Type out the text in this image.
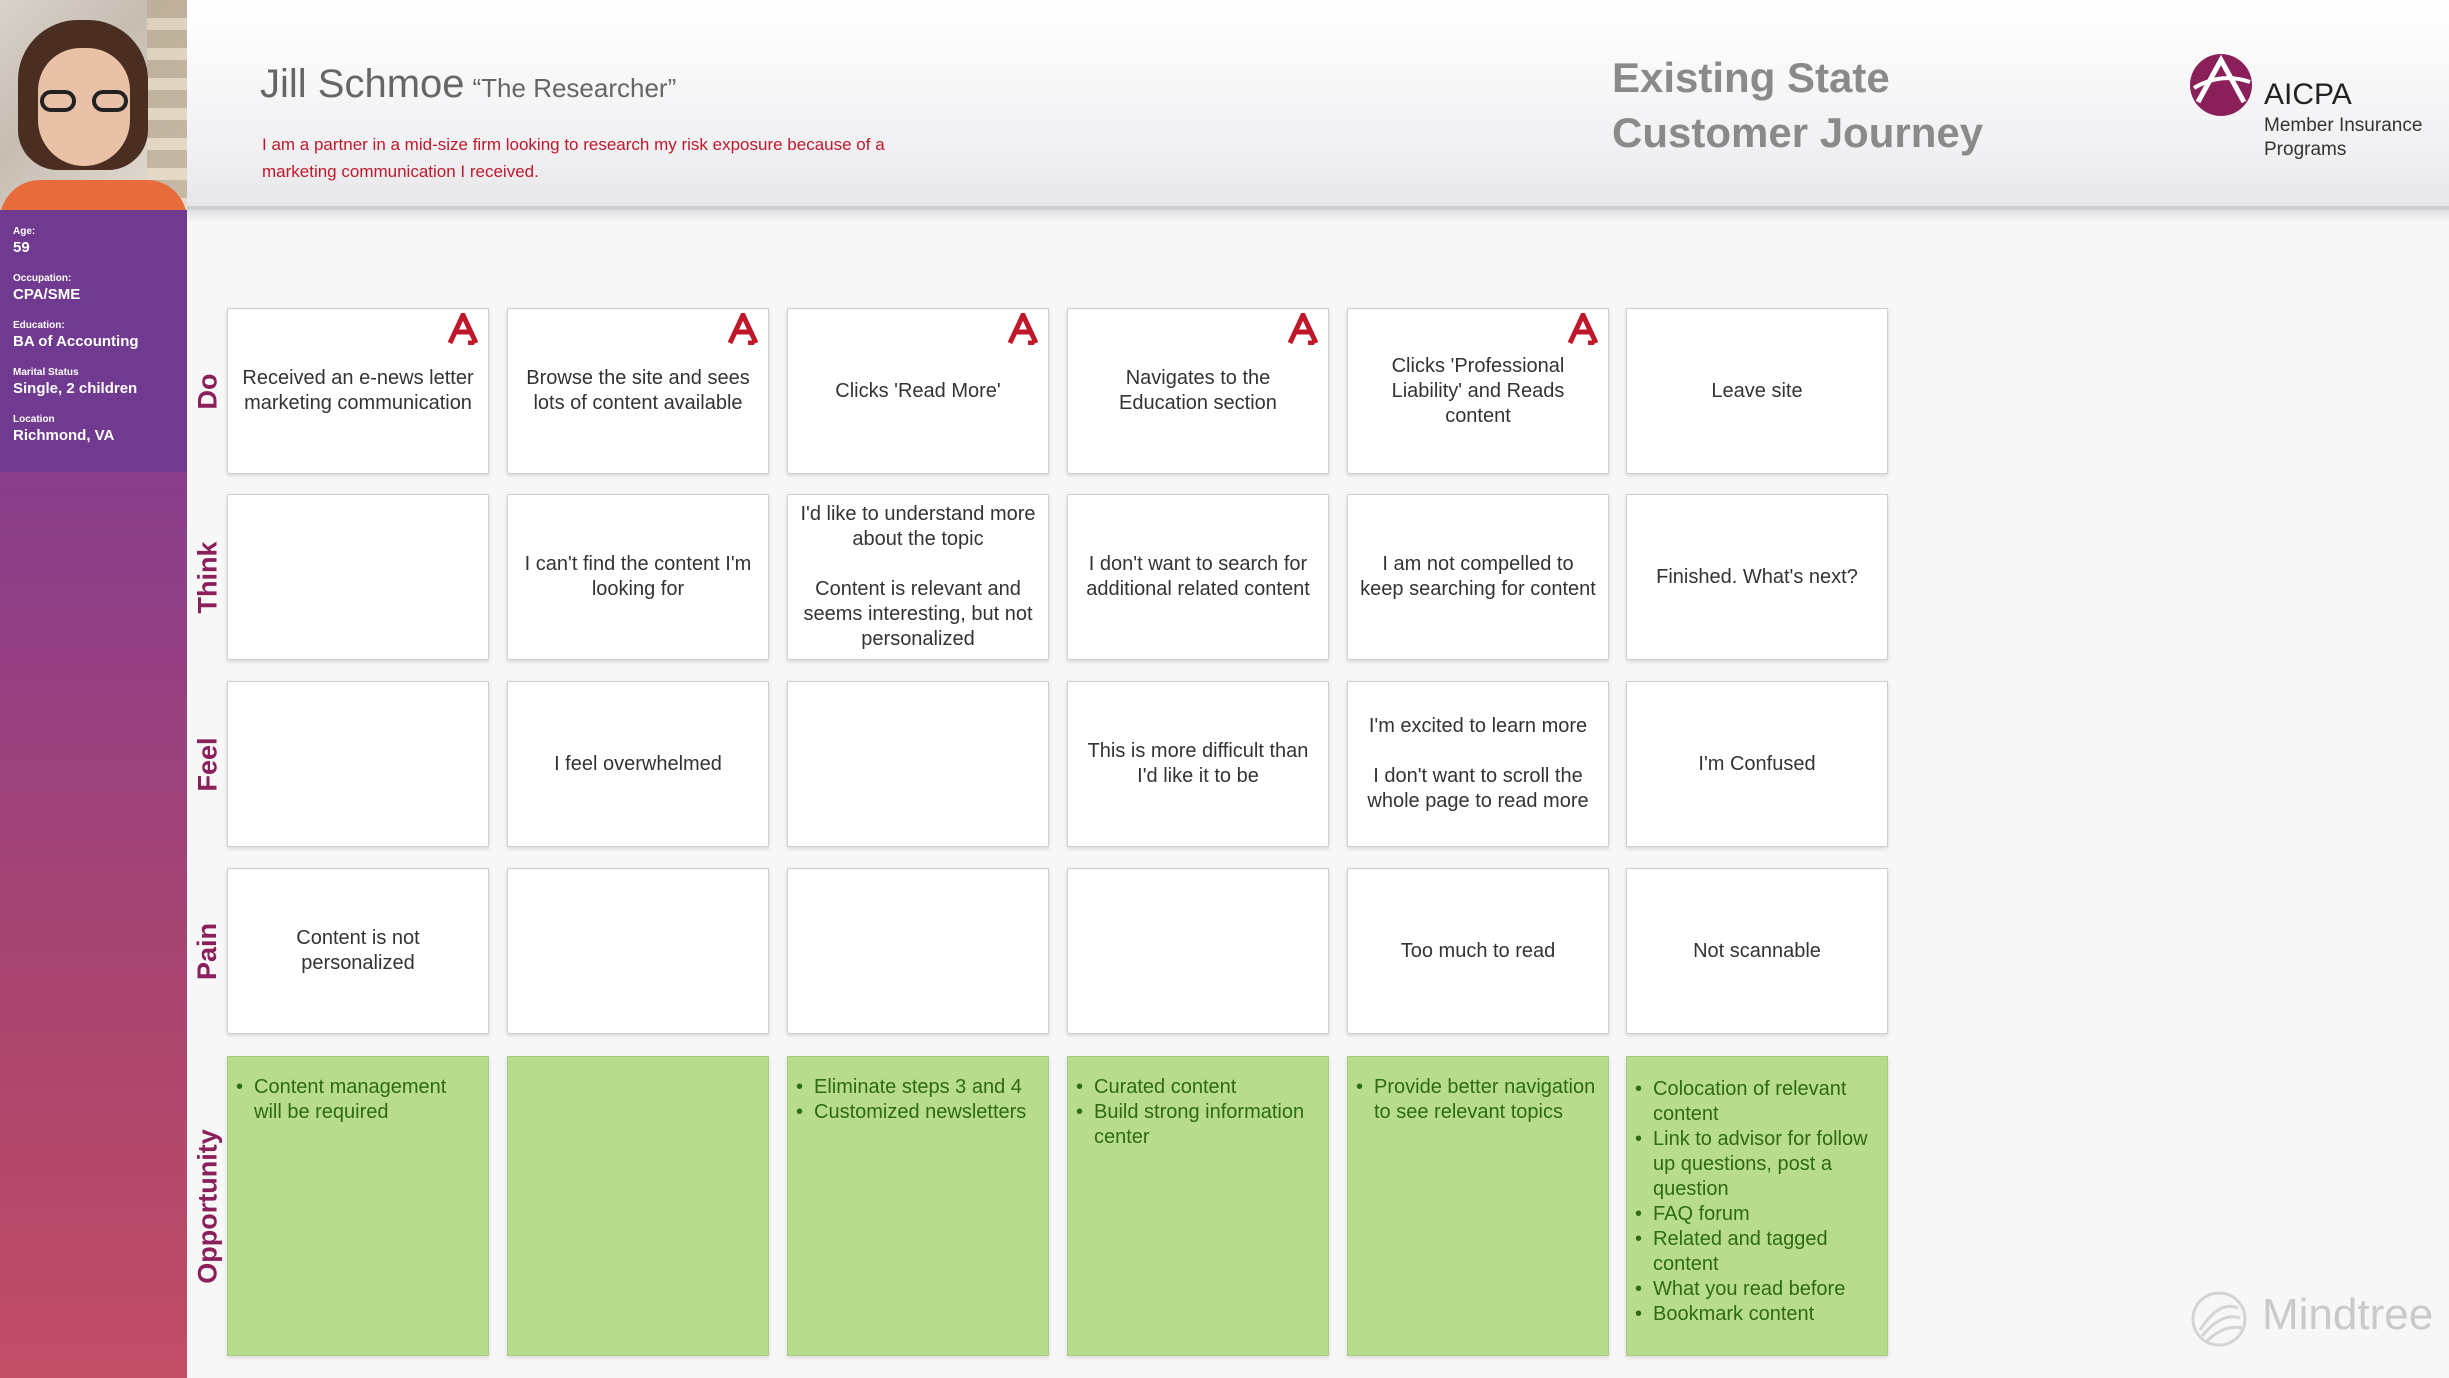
Age:
59
Occupation:
CPA/SME
Education:
BA of Accounting
Marital Status
Single, 2 children
Location
Richmond, VA
Jill Schmoe “The Researcher”
I am a partner in a mid-size firm looking to research my risk exposure because of a marketing communication I received.
Existing State
Customer Journey
AICPA
Member Insurance Programs
Mindtree
Do
Think
Feel
Pain
Opportunity
Received an e-news letter marketing communication
Content is not personalized
• Content management will be required
Browse the site and sees lots of content available
I can't find the content I'm looking for
I feel overwhelmed
Clicks 'Read More'
I'd like to understand more about the topic

Content is relevant and seems interesting, but not personalized
• Eliminate steps 3 and 4
• Customized newsletters
Navigates to the Education section
I don't want to search for additional related content
This is more difficult than I'd like it to be
• Curated content
• Build strong information center
Clicks 'Professional Liability' and Reads content
I am not compelled to keep searching for content
I'm excited to learn more

I don't want to scroll the whole page to read more
Too much to read
• Provide better navigation to see relevant topics
Leave site
Finished. What's next?
I'm Confused
Not scannable
• Colocation of relevant content
• Link to advisor for follow up questions, post a question
• FAQ forum
• Related and tagged content
• What you read before
• Bookmark content
